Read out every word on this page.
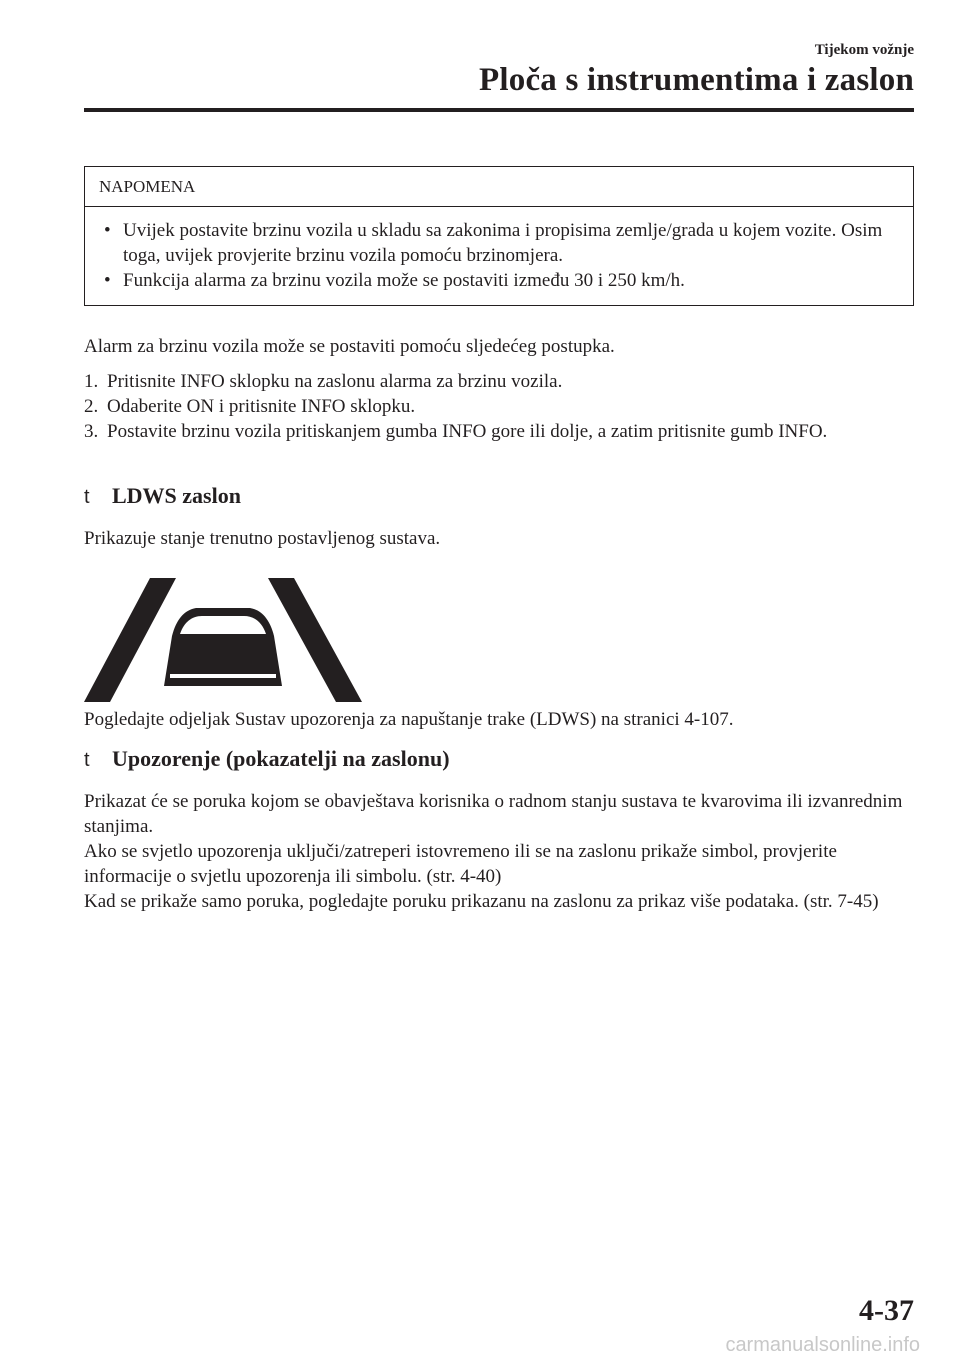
Tijekom vožnje
Ploča s instrumentima i zaslon
NAPOMENA
• Uvijek postavite brzinu vozila u skladu sa zakonima i propisima zemlje/grada u kojem vozite. Osim toga, uvijek provjerite brzinu vozila pomoću brzinomjera.
• Funkcija alarma za brzinu vozila može se postaviti između 30 i 250 km/h.

Alarm za brzinu vozila može se postaviti pomoću sljedećeg postupka.

1. Pritisnite INFO sklopku na zaslonu alarma za brzinu vozila.
2. Odaberite ON i pritisnite INFO sklopku.
3. Postavite brzinu vozila pritiskanjem gumba INFO gore ili dolje, a zatim pritisnite gumb INFO.
t LDWS zaslon

Prikazuje stanje trenutno postavljenog sustava.

Pogledajte odjeljak Sustav upozorenja za napuštanje trake (LDWS) na stranici 4-107.

t Upozorenje (pokazatelji na zaslonu)

Prikazat će se poruka kojom se obavještava korisnika o radnom stanju sustava te kvarovima ili izvanrednim stanjima.

Ako se svjetlo upozorenja uključi/zatreperi istovremeno ili se na zaslonu prikaže simbol, provjerite informacije o svjetlu upozorenja ili simbolu. (str. 4-40)

Kad se prikaže samo poruka, pogledajte poruku prikazanu na zaslonu za prikaz više podataka. (str. 7-45)

4-37
carmanualsonline.info
